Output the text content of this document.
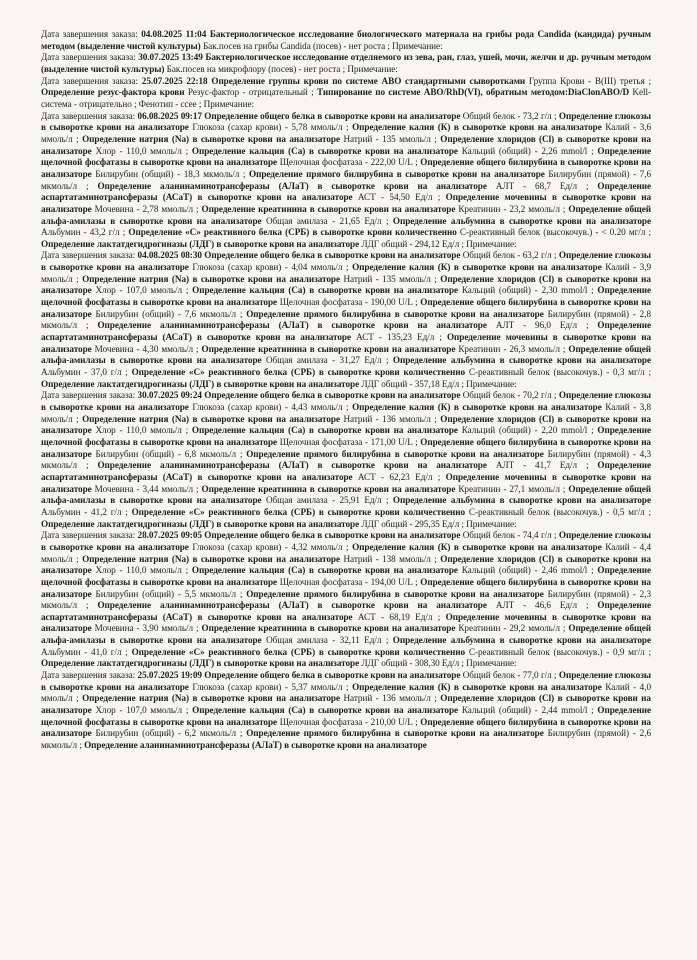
Дата завершения заказа: 04.08.2025 11:04 Бактериологическое исследование биологического материала на грибы рода Candida (кандида) ручным методом (выделение чистой культуры) Бак.посев на грибы Candida (посев) - нет роста ; Примечание:

Дата завершения заказа: 30.07.2025 13:49 Бактериологическое исследование отделяемого из зева, ран, глаз, ушей, мочи, желчи и др. ручным методом (выделение чистой культуры) Бак.посев на микрофлору (посев) - нет роста ; Примечание:

Дата завершения заказа: 25.07.2025 22:18 Определение группы крови по системе АВО стандартными сыворотками Группа Крови - В(III) третья ; Определение резус-фактора крови Резус-фактор - отрицательный ; Типирование по системе ABO/RhD(VI), обратным методом:DiaClonABO/D Kell-система - отрицательно ; Фенотип - ccee ; Примечание:

Дата завершения заказа: 06.08.2025 09:17 Определение общего белка в сыворотке крови на анализаторе Общий белок - 73,2 г/л ; Определение глюкозы в сыворотке крови на анализаторе Глюкоза (сахар крови) - 5,78 ммоль/л ; Определение калия (К) в сыворотке крови на анализаторе Калий - 3,6 ммоль/л ; Определение натрия (Na) в сыворотке крови на анализаторе Натрий - 135 ммоль/л ; Определение хлоридов (Cl) в сыворотке крови на анализаторе Хлор - 110,0 ммоль/л ; Определение кальция (Са) в сыворотке крови на анализаторе Кальций (общий) - 2,26 mmol/l ; Определение щелочной фосфатазы в сыворотке крови на анализаторе Щелочная фосфатаза - 222,00 U/L ; Определение общего билирубина в сыворотке крови на анализаторе Билирубин (общий) - 18,3 мкмоль/л ; Определение прямого билирубина в сыворотке крови на анализаторе Билирубин (прямой) - 7,6 мкмоль/л ; Определение аланинаминотрансферазы (АЛаТ) в сыворотке крови на анализаторе АЛТ - 68,7 Ед/л ; Определение аспартатаминотрансферазы (АСаТ) в сыворотке крови на анализаторе АСТ - 54,50 Ед/л ; Определение мочевины в сыворотке крови на анализаторе Мочевина - 2,78 ммоль/л ; Определение креатинина в сыворотке крови на анализаторе Креатинин - 23,2 ммоль/л ; Определение общей альфа-амилазы в сыворотке крови на анализаторе Общая амилаза - 21,65 Ед/л ; Определение альбумина в сыворотке крови на анализаторе Альбумин - 43,2 г/л ; Определение «С» реактивного белка (СРБ) в сыворотке крови количественно С-реактивный белок (высокочув.) - < 0.20 мг/л ; Определение лактатдегидрогиназы (ЛДГ) в сыворотке крови на анализаторе ЛДГ общий - 294,12 Ед/л ; Примечание:

Дата завершения заказа: 04.08.2025 08:30 Определение общего белка в сыворотке крови на анализаторе Общий белок - 63,2 г/л ; Определение глюкозы в сыворотке крови на анализаторе Глюкоза (сахар крови) - 4,04 ммоль/л ; Определение калия (К) в сыворотке крови на анализаторе Калий - 3,9 ммоль/л ; Определение натрия (Na) в сыворотке крови на анализаторе Натрий - 135 ммоль/л ; Определение хлоридов (Cl) в сыворотке крови на анализаторе Хлор - 107,0 ммоль/л ; Определение кальция (Са) в сыворотке крови на анализаторе Кальций (общий) - 2,30 mmol/l ; Определение щелочной фосфатазы в сыворотке крови на анализаторе Щелочная фосфатаза - 190,00 U/L ; Определение общего билирубина в сыворотке крови на анализаторе Билирубин (общий) - 7,6 мкмоль/л ; Определение прямого билирубина в сыворотке крови на анализаторе Билирубин (прямой) - 2,8 мкмоль/л ; Определение аланинаминотрансферазы (АЛаТ) в сыворотке крови на анализаторе АЛТ - 96,0 Ед/л ; Определение аспартатаминотрансферазы (АСаТ) в сыворотке крови на анализаторе АСТ - 135,23 Ед/л ; Определение мочевины в сыворотке крови на анализаторе Мочевина - 4,30 ммоль/л ; Определение креатинина в сыворотке крови на анализаторе Креатинин - 26,3 ммоль/л ; Определение общей альфа-амилазы в сыворотке крови на анализаторе Общая амилаза - 31,27 Ед/л ; Определение альбумина в сыворотке крови на анализаторе Альбумин - 37,0 г/л ; Определение «С» реактивного белка (СРБ) в сыворотке крови количественно С-реактивный белок (высокочув.) - 0,3 мг/л ; Определение лактатдегидрогиназы (ЛДГ) в сыворотке крови на анализаторе ЛДГ общий - 357,18 Ед/л ; Примечание:

Дата завершения заказа: 30.07.2025 09:24 Определение общего белка в сыворотке крови на анализаторе Общий белок - 70,2 г/л ; Определение глюкозы в сыворотке крови на анализаторе Глюкоза (сахар крови) - 4,43 ммоль/л ; Определение калия (К) в сыворотке крови на анализаторе Калий - 3,8 ммоль/л ; Определение натрия (Na) в сыворотке крови на анализаторе Натрий - 136 ммоль/л ; Определение хлоридов (Cl) в сыворотке крови на анализаторе Хлор - 110,0 ммоль/л ; Определение кальция (Са) в сыворотке крови на анализаторе Кальций (общий) - 2,20 mmol/l ; Определение щелочной фосфатазы в сыворотке крови на анализаторе Щелочная фосфатаза - 171,00 U/L ; Определение общего билирубина в сыворотке крови на анализаторе Билирубин (общий) - 6,8 мкмоль/л ; Определение прямого билирубина в сыворотке крови на анализаторе Билирубин (прямой) - 4,3 мкмоль/л ; Определение аланинаминотрансферазы (АЛаТ) в сыворотке крови на анализаторе АЛТ - 41,7 Ед/л ; Определение аспартатаминотрансферазы (АСаТ) в сыворотке крови на анализаторе АСТ - 62,23 Ед/л ; Определение мочевины в сыворотке крови на анализаторе Мочевина - 3,44 ммоль/л ; Определение креатинина в сыворотке крови на анализаторе Креатинин - 27,1 ммоль/л ; Определение общей альфа-амилазы в сыворотке крови на анализаторе Общая амилаза - 25,91 Ед/л ; Определение альбумина в сыворотке крови на анализаторе Альбумин - 41,2 г/л ; Определение «С» реактивного белка (СРБ) в сыворотке крови количественно С-реактивный белок (высокочув.) - 0,5 мг/л ; Определение лактатдегидрогиназы (ЛДГ) в сыворотке крови на анализаторе ЛДГ общий - 295,35 Ед/л ; Примечание:

Дата завершения заказа: 28.07.2025 09:05 Определение общего белка в сыворотке крови на анализаторе Общий белок - 74,4 г/л ; Определение глюкозы в сыворотке крови на анализаторе Глюкоза (сахар крови) - 4,32 ммоль/л ; Определение калия (К) в сыворотке крови на анализаторе Калий - 4,4 ммоль/л ; Определение натрия (Na) в сыворотке крови на анализаторе Натрий - 138 ммоль/л ; Определение хлоридов (Cl) в сыворотке крови на анализаторе Хлор - 110,0 ммоль/л ; Определение кальция (Са) в сыворотке крови на анализаторе Кальций (общий) - 2,46 mmol/l ; Определение щелочной фосфатазы в сыворотке крови на анализаторе Щелочная фосфатаза - 194,00 U/L ; Определение общего билирубина в сыворотке крови на анализаторе Билирубин (общий) - 5,5 мкмоль/л ; Определение прямого билирубина в сыворотке крови на анализаторе Билирубин (прямой) - 2,3 мкмоль/л ; Определение аланинаминотрансферазы (АЛаТ) в сыворотке крови на анализаторе АЛТ - 46,6 Ед/л ; Определение аспартатаминотрансферазы (АСаТ) в сыворотке крови на анализаторе АСТ - 68,19 Ед/л ; Определение мочевины в сыворотке крови на анализаторе Мочевина - 3,90 ммоль/л ; Определение креатинина в сыворотке крови на анализаторе Креатинин - 29,2 ммоль/л ; Определение общей альфа-амилазы в сыворотке крови на анализаторе Общая амилаза - 32,11 Ед/л ; Определение альбумина в сыворотке крови на анализаторе Альбумин - 41,0 г/л ; Определение «С» реактивного белка (СРБ) в сыворотке крови количественно С-реактивный белок (высокочув.) - 0,9 мг/л ; Определение лактатдегидрогиназы (ЛДГ) в сыворотке крови на анализаторе ЛДГ общий - 308,30 Ед/л ; Примечание:

Дата завершения заказа: 25.07.2025 19:09 Определение общего белка в сыворотке крови на анализаторе Общий белок - 77,0 г/л ; Определение глюкозы в сыворотке крови на анализаторе Глюкоза (сахар крови) - 5,37 ммоль/л ; Определение калия (К) в сыворотке крови на анализаторе Калий - 4,0 ммоль/л ; Определение натрия (Na) в сыворотке крови на анализаторе Натрий - 136 ммоль/л ; Определение хлоридов (Cl) в сыворотке крови на анализаторе Хлор - 107,0 ммоль/л ; Определение кальция (Са) в сыворотке крови на анализаторе Кальций (общий) - 2,44 mmol/l ; Определение щелочной фосфатазы в сыворотке крови на анализаторе Щелочная фосфатаза - 210,00 U/L ; Определение общего билирубина в сыворотке крови на анализаторе Билирубин (общий) - 6,2 мкмоль/л ; Определение прямого билирубина в сыворотке крови на анализаторе Билирубин (прямой) - 2,6 мкмоль/л ; Определение аланинаминотрансферазы (АЛаТ) в сыворотке крови на анализаторе
